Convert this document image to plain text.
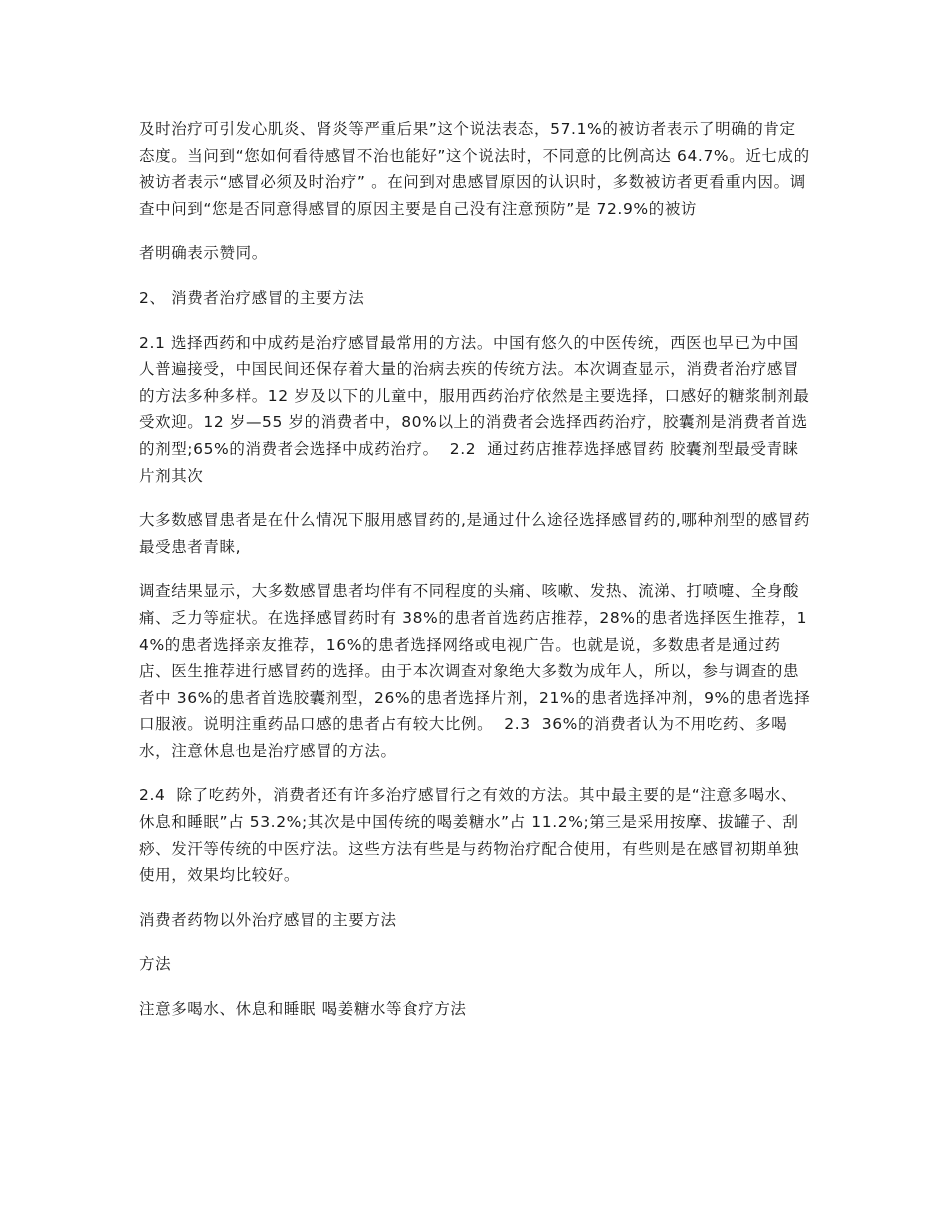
及时治疗可引发心肌炎、肾炎等严重后果”这个说法表态，57.1%的被访者表示了明确的肯定态度。当问到“您如何看待感冒不治也能好”这个说法时，不同意的比例高达 64.7%。近七成的被访者表示“感冒必须及时治疗” 。在问到对患感冒原因的认识时，多数被访者更看重内因。调查中问到“您是否同意得感冒的原因主要是自己没有注意预防”是 72.9%的被访

者明确表示赞同。

2、 消费者治疗感冒的主要方法

2.1 选择西药和中成药是治疗感冒最常用的方法。中国有悠久的中医传统，西医也早已为中国人普遍接受，中国民间还保存着大量的治病去疾的传统方法。本次调查显示，消费者治疗感冒的方法多种多样。12 岁及以下的儿童中，服用西药治疗依然是主要选择，口感好的糖浆制剂最受欢迎。12 岁—55 岁的消费者中，80%以上的消费者会选择西药治疗，胶囊剂是消费者首选的剂型;65%的消费者会选择中成药治疗。  2.2  通过药店推荐选择感冒药 胶囊剂型最受青睐 片剂其次

大多数感冒患者是在什么情况下服用感冒药的,是通过什么途径选择感冒药的,哪种剂型的感冒药最受患者青睐,

调查结果显示，大多数感冒患者均伴有不同程度的头痛、咳嗽、发热、流涕、打喷嚏、全身酸痛、乏力等症状。在选择感冒药时有 38%的患者首选药店推荐，28%的患者选择医生推荐，14%的患者选择亲友推荐，16%的患者选择网络或电视广告。也就是说，多数患者是通过药店、医生推荐进行感冒药的选择。由于本次调查对象绝大多数为成年人，所以，参与调查的患者中 36%的患者首选胶囊剂型，26%的患者选择片剂，21%的患者选择冲剂，9%的患者选择口服液。说明注重药品口感的患者占有较大比例。  2.3  36%的消费者认为不用吃药、多喝水，注意休息也是治疗感冒的方法。

2.4  除了吃药外，消费者还有许多治疗感冒行之有效的方法。其中最主要的是“注意多喝水、休息和睡眠”占 53.2%;其次是中国传统的喝姜糖水”占 11.2%;第三是采用按摩、拔罐子、刮痧、发汗等传统的中医疗法。这些方法有些是与药物治疗配合使用，有些则是在感冒初期单独使用，效果均比较好。

消费者药物以外治疗感冒的主要方法

方法

注意多喝水、休息和睡眠 喝姜糖水等食疗方法
